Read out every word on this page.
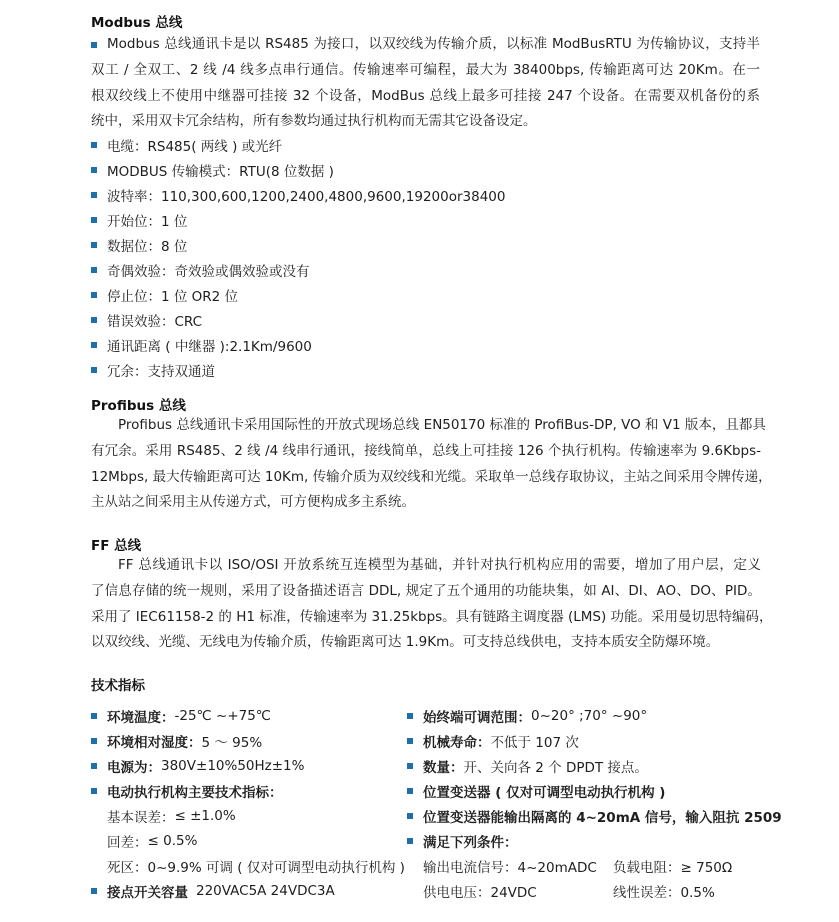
Modbus 总线
Modbus 总线通讯卡是以 RS485 为接口，以双绞线为传输介质，以标准 ModBusRTU 为传输协议，支持半
双工 / 全双工、2 线 /4 线多点串行通信。传输速率可编程，最大为 38400bps, 传输距离可达 20Km。在一
根双绞线上不使用中继器可挂接 32 个设备，ModBus 总线上最多可挂接 247 个设备。在需要双机备份的系
统中，采用双卡冗余结构，所有参数均通过执行机构而无需其它设备设定。
电缆：RS485( 两线 ) 或光纤
MODBUS 传输模式：RTU(8 位数据 )
波特率：110,300,600,1200,2400,4800,9600,19200or38400
开始位：1 位
数据位：8 位
奇偶效验：奇效验或偶效验或没有
停止位：1 位 OR2 位
错误效验：CRC
通讯距离 ( 中继器 ):2.1Km/9600
冗余：支持双通道
Profibus 总线
Profibus 总线通讯卡采用国际性的开放式现场总线 EN50170 标准的 ProfiBus-DP, VO 和 V1 版本，且都具
有冗余。采用 RS485、2 线 /4 线串行通讯，接线简单，总线上可挂接 126 个执行机构。传输速率为 9.6Kbps-
12Mbps, 最大传输距离可达 10Km, 传输介质为双绞线和光缆。采取单一总线存取协议，主站之间采用令牌传递，
主从站之间采用主从传递方式，可方便构成多主系统。
FF 总线
FF 总线通讯卡以 ISO/OSI 开放系统互连模型为基础，并针对执行机构应用的需要，增加了用户层，定义
了信息存储的统一规则，采用了设备描述语言 DDL, 规定了五个通用的功能块集，如 AI、DI、AO、DO、PID。
采用了 IEC61158-2 的 H1 标准，传输速率为 31.25kbps。具有链路主调度器 (LMS) 功能。采用曼切思特编码，
以双绞线、光缆、无线电为传输介质，传输距离可达 1.9Km。可支持总线供电，支持本质安全防爆环境。
技术指标
环境温度： -25℃ ~+75℃
环境相对湿度： 5 ～ 95%
电源为： 380V±10%50Hz±1%
电动执行机构主要技术指标：
基本误差： ≤ ±1.0%
回差： ≤ 0.5%
死区： 0~9.9% 可调 ( 仅对可调型电动执行机构 )
接点开关容量 220VAC5A 24VDC3A
始终端可调范围： 0~20° ;70° ~90°
机械寿命： 不低于 107 次
数量： 开、关向各 2 个 DPDT 接点。
位置变送器 ( 仅对可调型电动执行机构 )
位置变送器能输出隔离的 4~20mA 信号，输入阻抗 2509
满足下列条件：
输出电流信号：4~20mADC	负载电阻：≥ 750Ω
供电电压：24VDC	线性误差：0.5%
